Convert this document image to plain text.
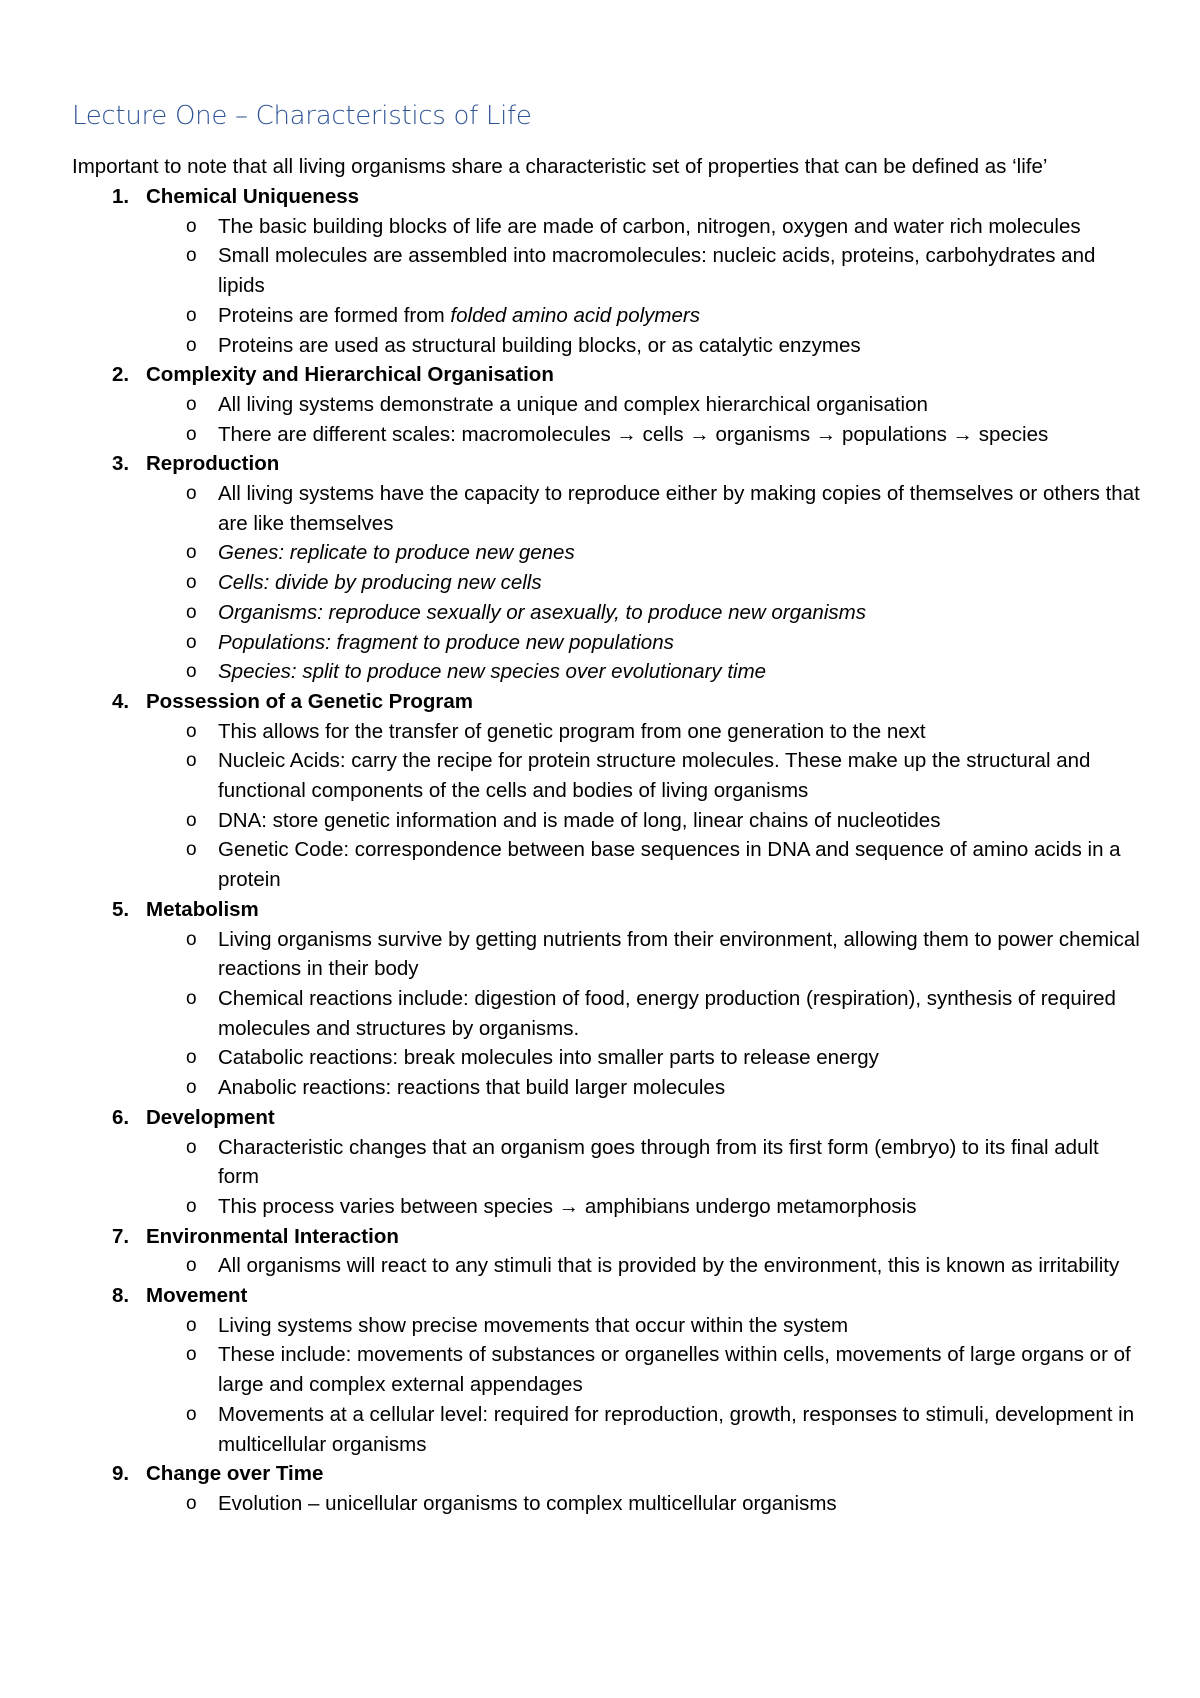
Lecture One – Characteristics of Life

Important to note that all living organisms share a characteristic set of properties that can be defined as ‘life’

1. Chemical Uniqueness
o	The basic building blocks of life are made of carbon, nitrogen, oxygen and water rich molecules
o	Small molecules are assembled into macromolecules: nucleic acids, proteins, carbohydrates and lipids
o	Proteins are formed from folded amino acid polymers
o	Proteins are used as structural building blocks, or as catalytic enzymes
2. Complexity and Hierarchical Organisation
o	All living systems demonstrate a unique and complex hierarchical organisation
o	There are different scales: macromolecules → cells → organisms → populations → species
3. Reproduction
o	All living systems have the capacity to reproduce either by making copies of themselves or others that are like themselves
o	Genes: replicate to produce new genes
o	Cells: divide by producing new cells
o	Organisms: reproduce sexually or asexually, to produce new organisms
o	Populations: fragment to produce new populations
o	Species: split to produce new species over evolutionary time
4. Possession of a Genetic Program
o	This allows for the transfer of genetic program from one generation to the next
o	Nucleic Acids: carry the recipe for protein structure molecules. These make up the structural and functional components of the cells and bodies of living organisms
o	DNA: store genetic information and is made of long, linear chains of nucleotides
o	Genetic Code: correspondence between base sequences in DNA and sequence of amino acids in a protein
5. Metabolism
o	Living organisms survive by getting nutrients from their environment, allowing them to power chemical reactions in their body
o	Chemical reactions include: digestion of food, energy production (respiration), synthesis of required molecules and structures by organisms.
o	Catabolic reactions: break molecules into smaller parts to release energy
o	Anabolic reactions: reactions that build larger molecules
6. Development
o	Characteristic changes that an organism goes through from its first form (embryo) to its final adult form
o	This process varies between species → amphibians undergo metamorphosis
7. Environmental Interaction
o	All organisms will react to any stimuli that is provided by the environment, this is known as irritability
8. Movement
o	Living systems show precise movements that occur within the system
o	These include: movements of substances or organelles within cells, movements of large organs or of large and complex external appendages
o	Movements at a cellular level: required for reproduction, growth, responses to stimuli, development in multicellular organisms
9. Change over Time
o	Evolution – unicellular organisms to complex multicellular organisms
